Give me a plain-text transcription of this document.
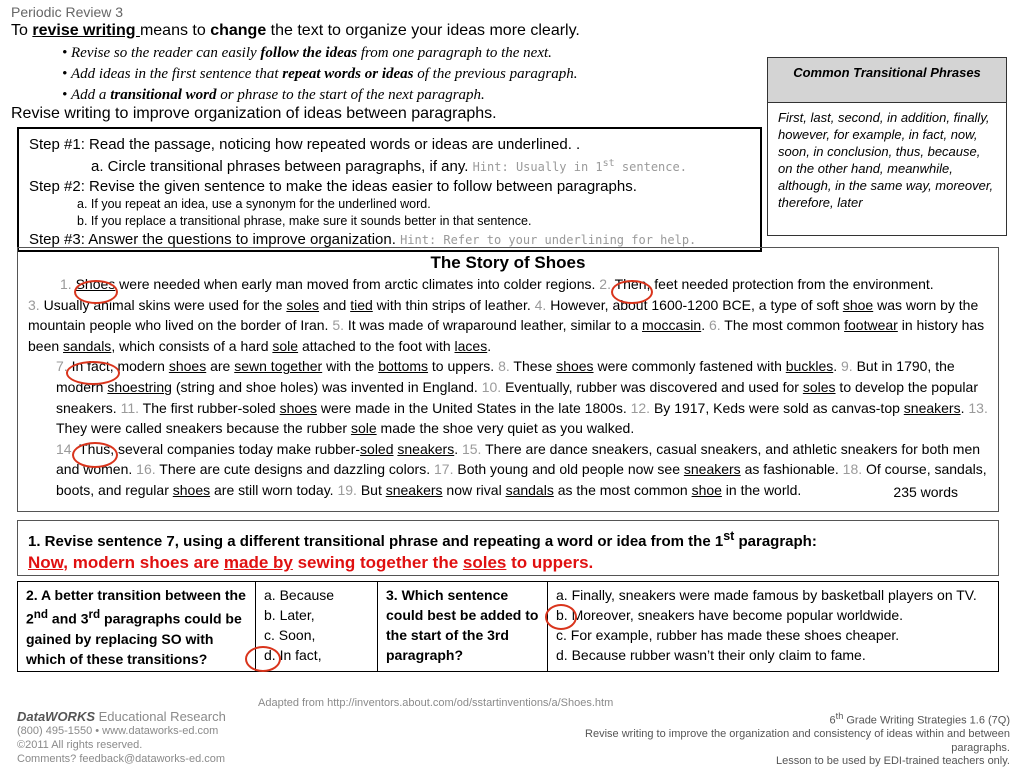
Periodic Review 3
To revise writing means to change the text to organize your ideas more clearly.
• Revise so the reader can easily follow the ideas from one paragraph to the next.
• Add ideas in the first sentence that repeat words or ideas of the previous paragraph.
• Add a transitional word or phrase to the start of the next paragraph.
Revise writing to improve organization of ideas between paragraphs.
Common Transitional Phrases
First, last, second, in addition, finally, however, for example, in fact, now, soon, in conclusion, thus, because, on the other hand, meanwhile, although, in the same way, moreover, therefore, later
Step #1: Read the passage, noticing how repeated words or ideas are underlined. .
a. Circle transitional phrases between paragraphs, if any. Hint: Usually in 1st sentence.
Step #2: Revise the given sentence to make the ideas easier to follow between paragraphs.
a. If you repeat an idea, use a synonym for the underlined word.
b. If you replace a transitional phrase, make sure it sounds better in that sentence.
Step #3: Answer the questions to improve organization. Hint: Refer to your underlining for help.
The Story of Shoes
1. Shoes were needed when early man moved from arctic climates into colder regions. 2. Then, feet needed protection from the environment.
3. Usually animal skins were used for the soles and tied with thin strips of leather. 4. However, about 1600-1200 BCE, a type of soft shoe was worn by the mountain people who lived on the border of Iran. 5. It was made of wraparound leather, similar to a moccasin. 6. The most common footwear in history has been sandals, which consists of a hard sole attached to the foot with laces.
7. In fact, modern shoes are sewn together with the bottoms to uppers. 8. These shoes were commonly fastened with buckles. 9. But in 1790, the modern shoestring (string and shoe holes) was invented in England. 10. Eventually, rubber was discovered and used for soles to develop the popular sneakers. 11. The first rubber-soled shoes were made in the United States in the late 1800s. 12. By 1917, Keds were sold as canvas-top sneakers. 13. They were called sneakers because the rubber sole made the shoe very quiet as you walked.
14. Thus, several companies today make rubber-soled sneakers. 15. There are dance sneakers, casual sneakers, and athletic sneakers for both men and women. 16. There are cute designs and dazzling colors. 17. Both young and old people now see sneakers as fashionable. 18. Of course, sandals, boots, and regular shoes are still worn today. 19. But sneakers now rival sandals as the most common shoe in the world.	235 words
1. Revise sentence 7, using a different transitional phrase and repeating a word or idea from the 1st paragraph:
Now, modern shoes are made by sewing together the soles to uppers.
2. A better transition between the 2nd and 3rd paragraphs could be gained by replacing SO with which of these transitions?
a. Because
b. Later,
c. Soon,
d. In fact,
3. Which sentence could best be added to the start of the 3rd paragraph?
a. Finally, sneakers were made famous by basketball players on TV.
b. Moreover, sneakers have become popular worldwide.
c. For example, rubber has made these shoes cheaper.
d. Because rubber wasn’t their only claim to fame.
Adapted from http://inventors.about.com/od/sstartinventions/a/Shoes.htm
DataWORKS Educational Research
(800) 495-1550 • www.dataworks-ed.com
©2011 All rights reserved.
Comments? feedback@dataworks-ed.com
6th Grade Writing Strategies 1.6 (7Q)
Revise writing to improve the organization and consistency of ideas within and between paragraphs.
Lesson to be used by EDI-trained teachers only.
